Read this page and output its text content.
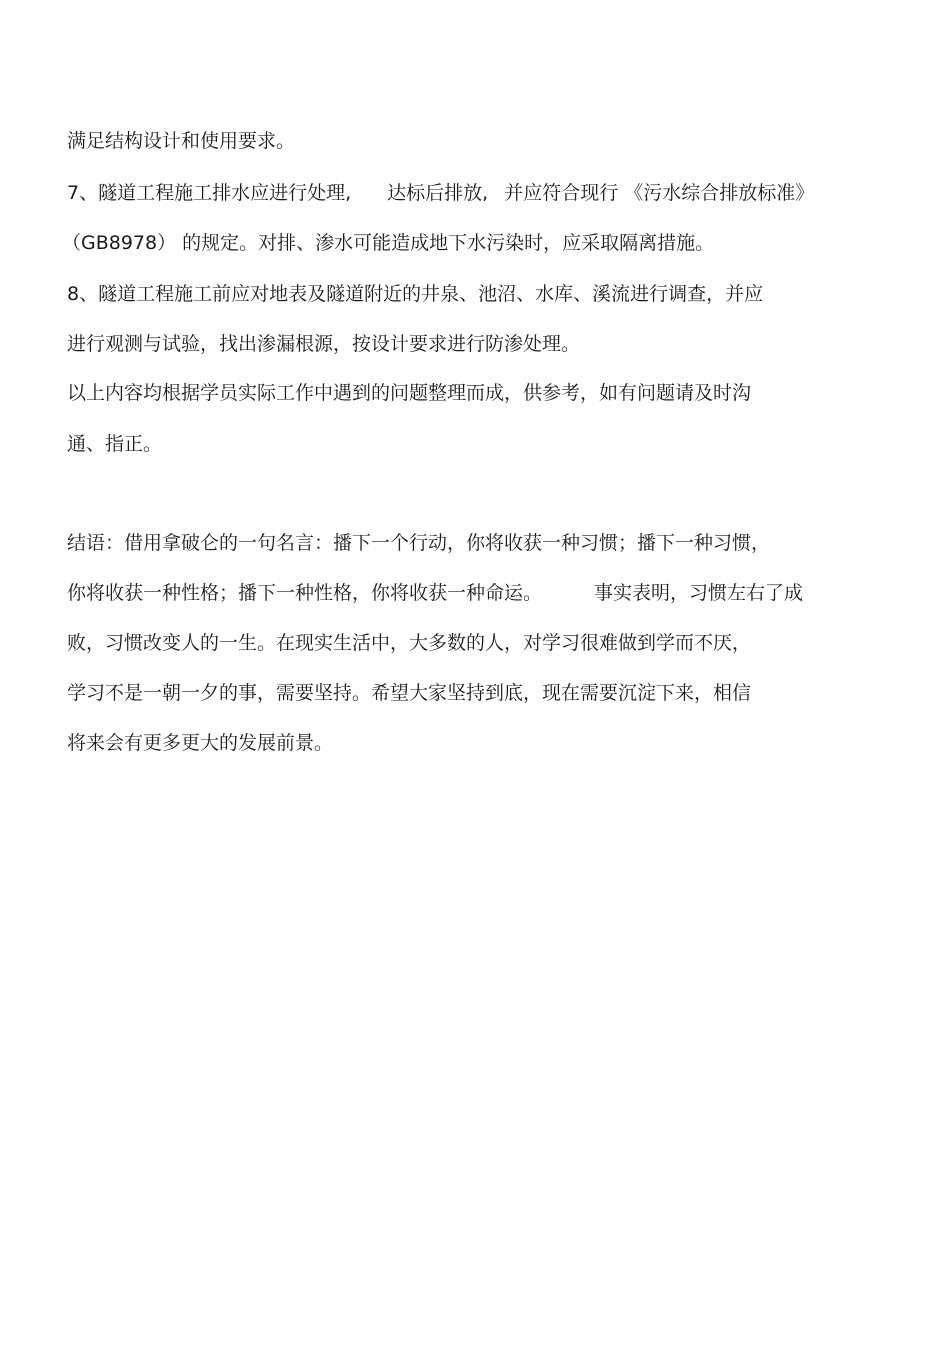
满足结构设计和使用要求。
7、隧道工程施工排水应进行处理, 达标后排放, 并应符合现行 《污水综合排放标准》
（GB8978） 的规定。对排、渗水可能造成地下水污染时，应采取隔离措施。
8、隧道工程施工前应对地表及隧道附近的井泉、池沼、水库、溪流进行调查，并应
进行观测与试验，找出渗漏根源，按设计要求进行防渗处理。
以上内容均根据学员实际工作中遇到的问题整理而成，供参考，如有问题请及时沟
通、指正。
结语：借用拿破仑的一句名言：播下一个行动，你将收获一种习惯；播下一种习惯，
你将收获一种性格；播下一种性格，你将收获一种命运。	事实表明，习惯左右了成
败，习惯改变人的一生。在现实生活中，大多数的人，对学习很难做到学而不厌，
学习不是一朝一夕的事，需要坚持。希望大家坚持到底，现在需要沉淀下来，相信
将来会有更多更大的发展前景。
